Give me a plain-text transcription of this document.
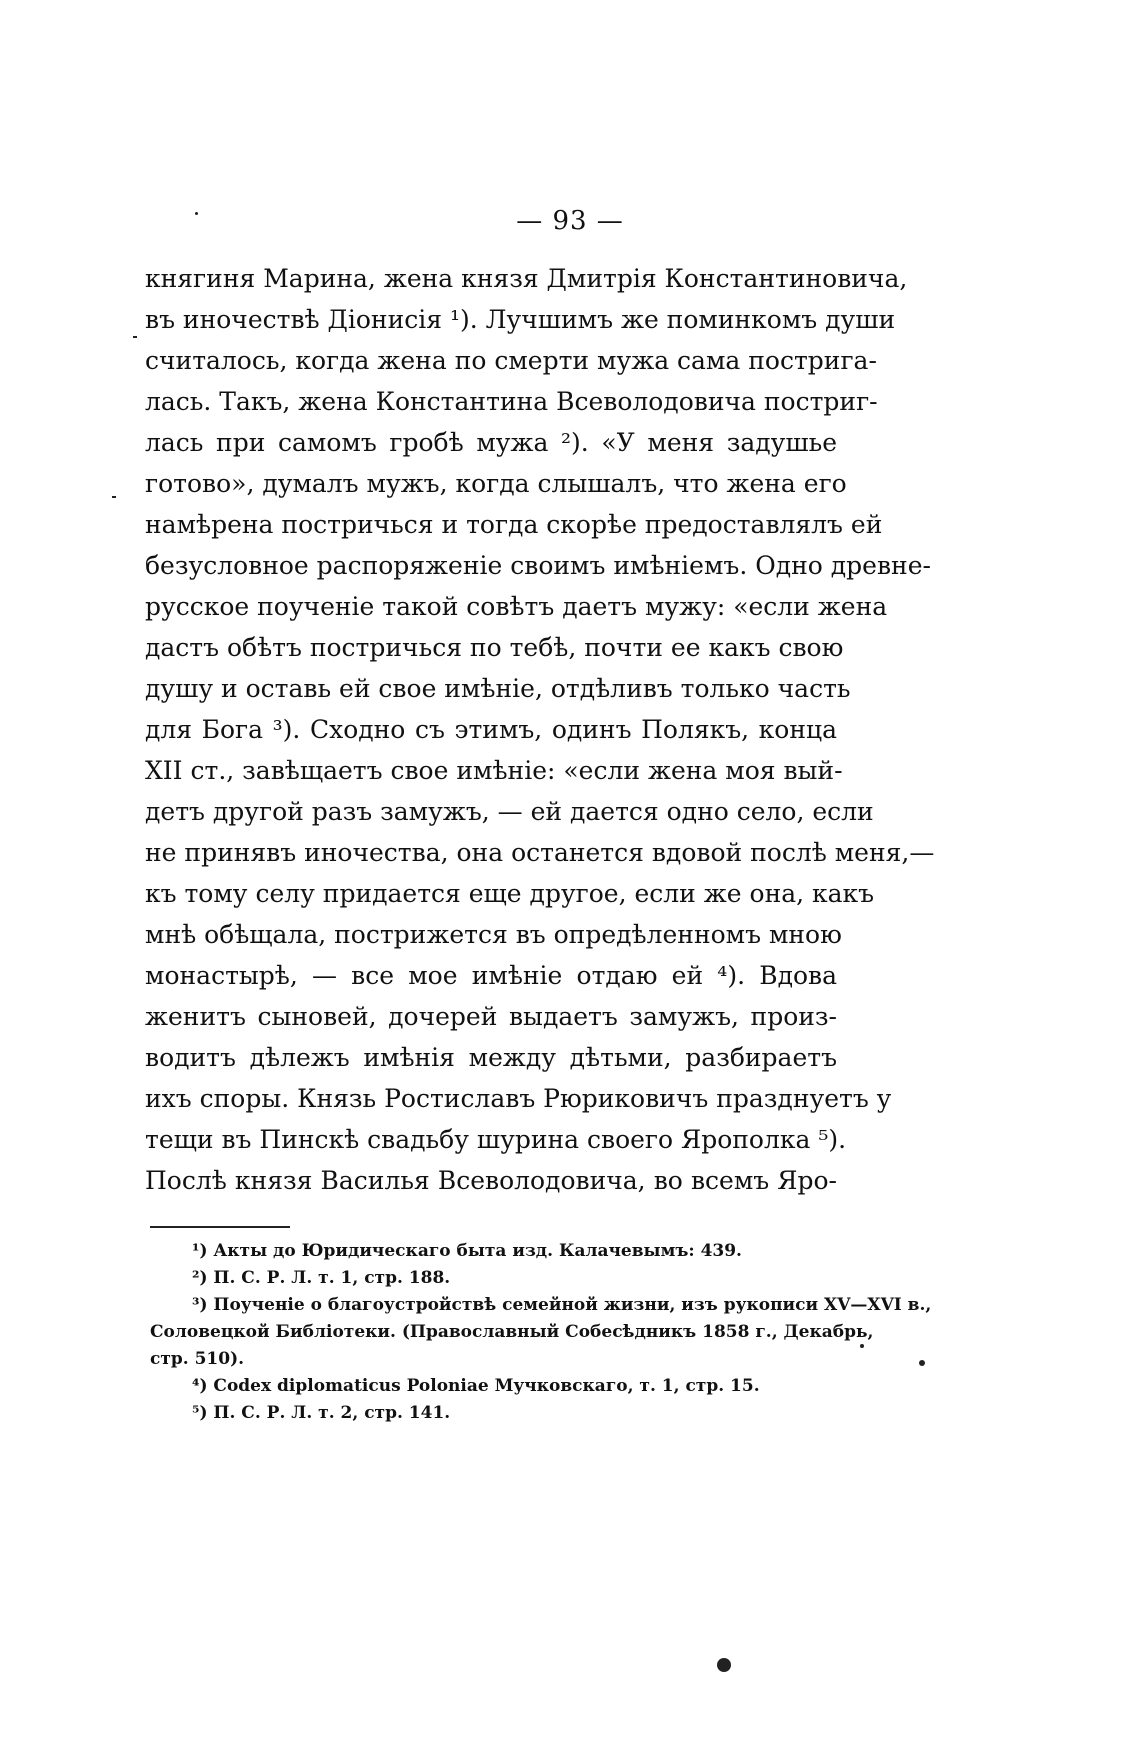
— 93 —
княгиня Марина, жена князя Дмитрія Константиновича,
въ иночествѣ Діонисія ¹). Лучшимъ же поминкомъ души
считалось, когда жена по смерти мужа сама постригa-
лась. Такъ, жена Константина Всеволодовича постриг-
лась при самомъ гробѣ мужа ²). «У меня задушье
готово», думалъ мужъ, когда слышалъ, что жена его
намѣрена постричься и тогда скорѣе предоставлялъ ей
безусловное распоряженіе своимъ имѣніемъ. Одно древне-
русское поученіе такой совѣтъ даетъ мужу: «если жена
дастъ обѣтъ постричься по тебѣ, почти ее какъ свою
душу и оставь ей свое имѣніе, отдѣливъ только часть
для Бога ³). Сходно съ этимъ, одинъ Полякъ, конца
XII ст., завѣщаетъ свое имѣніе: «если жена моя вый-
детъ другой разъ замужъ, — ей дается одно село, если
не принявъ иночества, она останется вдовой послѣ меня,—
къ тому селу придается еще другое, если же она, какъ
мнѣ обѣщала, пострижется въ опредѣленномъ мною
монастырѣ, — все мое имѣніе отдаю ей ⁴). Вдова
женитъ сыновей, дочерей выдаетъ замужъ, произ-
водитъ дѣлежъ имѣнія между дѣтьми, разбираетъ
ихъ споры. Князь Ростиславъ Рюриковичъ празднуетъ у
тещи въ Пинскѣ свадьбу шурина своего Ярополка ⁵).
Послѣ князя Василья Всеволодовича, во всемъ Яро-
¹) Акты до Юридическаго быта изд. Калачевымъ: 439.
²) П. С. Р. Л. т. 1, стр. 188.
³) Поученіе о благоустройствѣ семейной жизни, изъ рукописи XV—XVI в.,
Соловецкой Библіотеки. (Православный Собесѣдникъ 1858 г., Декабрь,
стр. 510).
⁴) Codex diplomaticus Poloniae Мучковскаго, т. 1, стр. 15.
⁵) П. С. Р. Л. т. 2, стр. 141.
